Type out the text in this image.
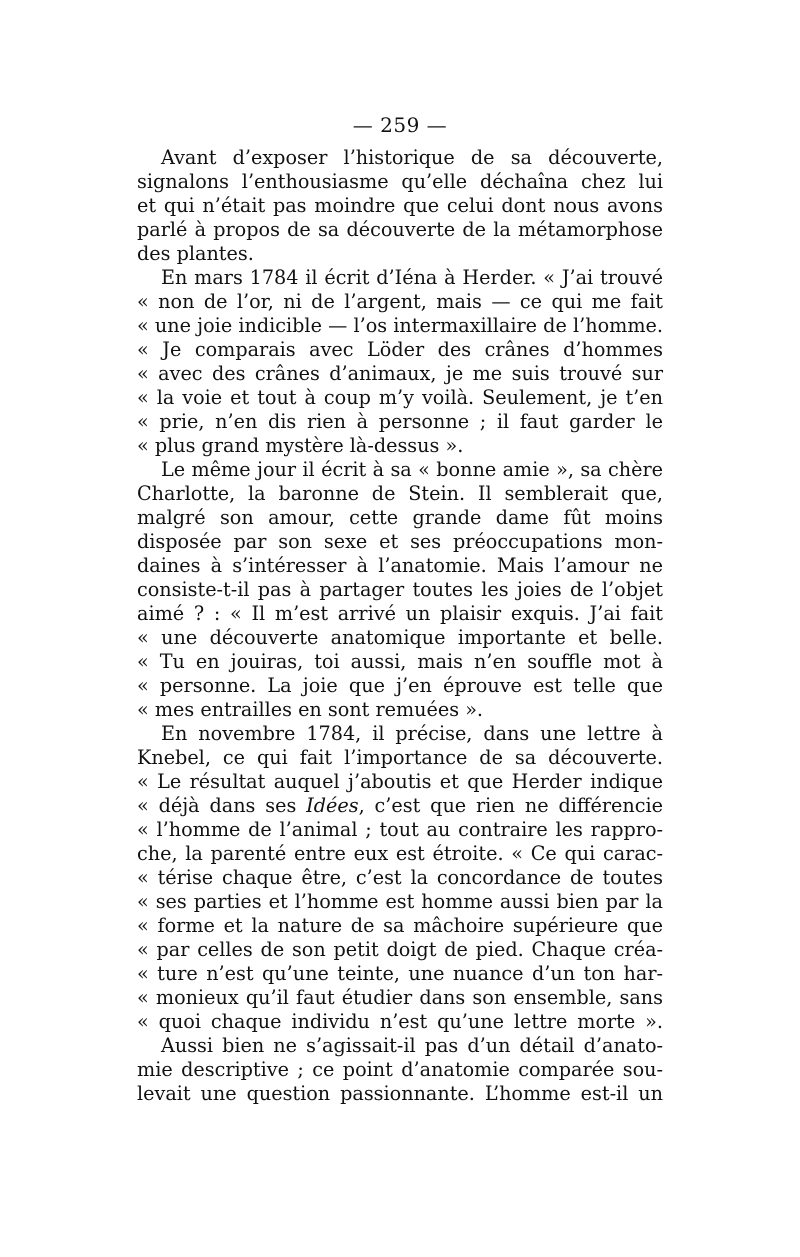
— 259 —
Avant d’exposer l’historique de sa découverte,
signalons l’enthousiasme qu’elle déchaîna chez lui
et qui n’était pas moindre que celui dont nous avons
parlé à propos de sa découverte de la métamorphose
des plantes.
En mars 1784 il écrit d’Iéna à Herder. « J’ai trouvé
« non de l’or, ni de l’argent, mais — ce qui me fait
« une joie indicible — l’os intermaxillaire de l’homme.
« Je comparais avec Löder des crânes d’hommes
« avec des crânes d’animaux, je me suis trouvé sur
« la voie et tout à coup m’y voilà. Seulement, je t’en
« prie, n’en dis rien à personne ; il faut garder le
« plus grand mystère là-dessus ».
Le même jour il écrit à sa « bonne amie », sa chère
Charlotte, la baronne de Stein. Il semblerait que,
malgré son amour, cette grande dame fût moins
disposée par son sexe et ses préoccupations mon-
daines à s’intéresser à l’anatomie. Mais l’amour ne
consiste-t-il pas à partager toutes les joies de l’objet
aimé ? : « Il m’est arrivé un plaisir exquis. J’ai fait
« une découverte anatomique importante et belle.
« Tu en jouiras, toi aussi, mais n’en souffle mot à
« personne. La joie que j’en éprouve est telle que
« mes entrailles en sont remuées ».
En novembre 1784, il précise, dans une lettre à
Knebel, ce qui fait l’importance de sa découverte.
« Le résultat auquel j’aboutis et que Herder indique
« déjà dans ses Idées, c’est que rien ne différencie
« l’homme de l’animal ; tout au contraire les rappro-
che, la parenté entre eux est étroite. « Ce qui carac-
« térise chaque être, c’est la concordance de toutes
« ses parties et l’homme est homme aussi bien par la
« forme et la nature de sa mâchoire supérieure que
« par celles de son petit doigt de pied. Chaque créa-
« ture n’est qu’une teinte, une nuance d’un ton har-
« monieux qu’il faut étudier dans son ensemble, sans
« quoi chaque individu n’est qu’une lettre morte ».
Aussi bien ne s’agissait-il pas d’un détail d’anato-
mie descriptive ; ce point d’anatomie comparée sou-
levait une question passionnante. L’homme est-il un
